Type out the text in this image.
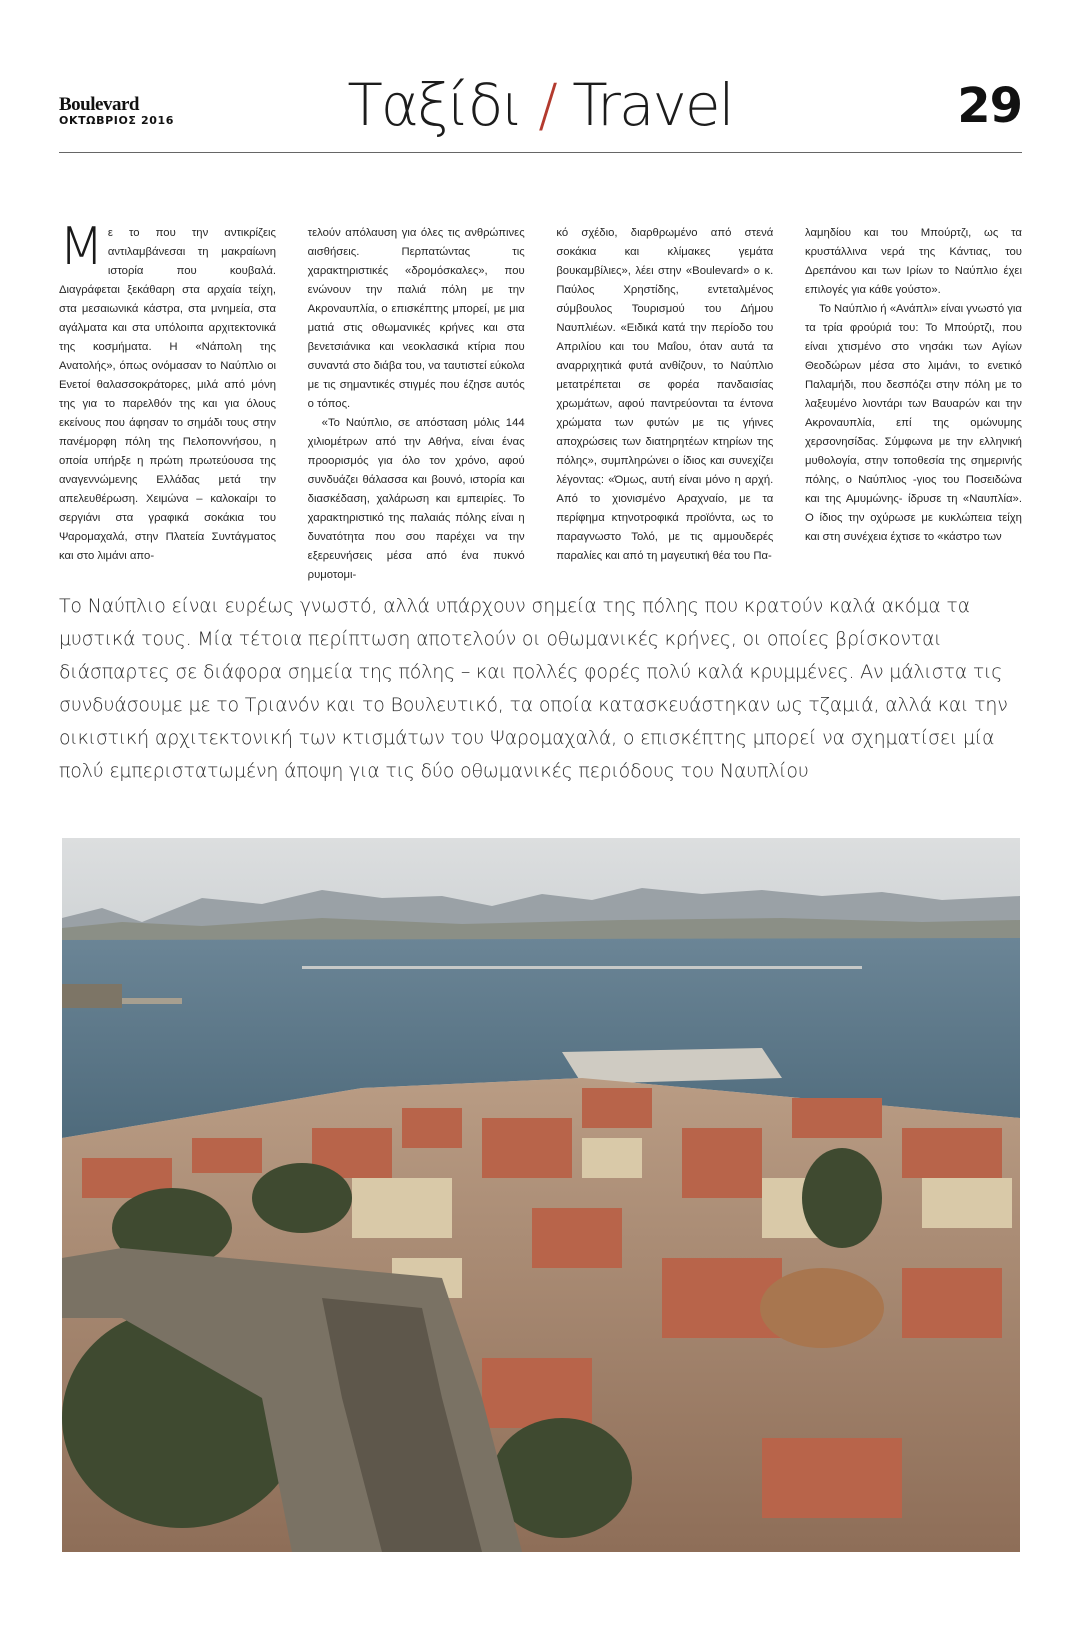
Boulevard
ΟΚΤΩΒΡΙΟΣ 2016	Ταξίδι / Travel	29

Με το που την αντικρίζεις αντιλαμβάνεσαι τη μακραίωνη ιστορία που κουβαλά. Διαγράφεται ξεκάθαρη στα αρχαία τείχη, στα μεσαιωνικά κάστρα, στα μνημεία, στα αγάλματα και στα υπόλοιπα αρχιτεκτονικά της κοσμήματα. Η «Νάπολη της Ανατολής», όπως ονόμασαν το Ναύπλιο οι Ενετοί θαλασσοκράτορες, μιλά από μόνη της για το παρελθόν της και για όλους εκείνους που άφησαν το σημάδι τους στην πανέμορφη πόλη της Πελοποννήσου, η οποία υπήρξε η πρώτη πρωτεύουσα της αναγεννώμενης Ελλάδας μετά την απελευθέρωση. Χειμώνα – καλοκαίρι το σεργιάνι στα γραφικά σοκάκια του Ψαρομαχαλά, στην Πλατεία Συντάγματος και στο λιμάνι απο-

τελούν απόλαυση για όλες τις ανθρώπινες αισθήσεις. Περπατώντας τις χαρακτηριστικές «δρομόσκαλες», που ενώνουν την παλιά πόλη με την Ακροναυπλία, ο επισκέπτης μπορεί, με μια ματιά στις οθωμανικές κρήνες και στα βενετσιάνικα και νεοκλασικά κτίρια που συναντά στο διάβα του, να ταυτιστεί εύκολα με τις σημαντικές στιγμές που έζησε αυτός ο τόπος.

«Το Ναύπλιο, σε απόσταση μόλις 144 χιλιομέτρων από την Αθήνα, είναι ένας προορισμός για όλο τον χρόνο, αφού συνδυάζει θάλασσα και βουνό, ιστορία και διασκέδαση, χαλάρωση και εμπειρίες. Το χαρακτηριστικό της παλαιάς πόλης είναι η δυνατότητα που σου παρέχει να την εξερευνήσεις μέσα από ένα πυκνό ρυμοτομι-

κό σχέδιο, διαρθρωμένο από στενά σοκάκια και κλίμακες γεμάτα βουκαμβίλιες», λέει στην «Boulevard» ο κ. Παύλος Χρηστίδης, εντεταλμένος σύμβουλος Τουρισμού του Δήμου Ναυπλιέων. «Ειδικά κατά την περίοδο του Απριλίου και του Μαΐου, όταν αυτά τα αναρριχητικά φυτά ανθίζουν, το Ναύπλιο μετατρέπεται σε φορέα πανδαισίας χρωμάτων, αφού παντρεύονται τα έντονα χρώματα των φυτών με τις γήινες αποχρώσεις των διατηρητέων κτηρίων της πόλης», συμπληρώνει ο ίδιος και συνεχίζει λέγοντας: «Όμως, αυτή είναι μόνο η αρχή. Από το χιονισμένο Αραχναίο, με τα περίφημα κτηνοτροφικά προϊόντα, ως το παραγνωστο Τολό, με τις αμμουδερές παραλίες και από τη μαγευτική θέα του Πα-

λαμηδίου και του Μπούρτζι, ως τα κρυστάλλινα νερά της Κάντιας, του Δρεπάνου και των Ιρίων το Ναύπλιο έχει επιλογές για κάθε γούστο».

Το Ναύπλιο ή «Ανάπλι» είναι γνωστό για τα τρία φρούριά του: Το Μπούρτζι, που είναι χτισμένο στο νησάκι των Αγίων Θεοδώρων μέσα στο λιμάνι, το ενετικό Παλαμήδι, που δεσπόζει στην πόλη με το λαξευμένο λιοντάρι των Βαυαρών και την Ακροναυπλία, επί της ομώνυμης χερσονησίδας. Σύμφωνα με την ελληνική μυθολογία, στην τοποθεσία της σημερινής πόλης, ο Ναύπλιος -γιος του Ποσειδώνα και της Αμυμώνης- ίδρυσε τη «Ναυπλία». Ο ίδιος την οχύρωσε με κυκλώπεια τείχη και στη συνέχεια έχτισε το «κάστρο των

Το Ναύπλιο είναι ευρέως γνωστό, αλλά υπάρχουν σημεία της πόλης που κρατούν καλά ακόμα τα μυστικά τους. Μία τέτοια περίπτωση αποτελούν οι οθωμανικές κρήνες, οι οποίες βρίσκονται διάσπαρτες σε διάφορα σημεία της πόλης – και πολλές φορές πολύ καλά κρυμμένες. Αν μάλιστα τις συνδυάσουμε με το Τριανόν και το Βουλευτικό, τα οποία κατασκευάστηκαν ως τζαμιά, αλλά και την οικιστική αρχιτεκτονική των κτισμάτων του Ψαρομαχαλά, ο επισκέπτης μπορεί να σχηματίσει μία πολύ εμπεριστατωμένη άποψη για τις δύο οθωμανικές περιόδους του Ναυπλίου
